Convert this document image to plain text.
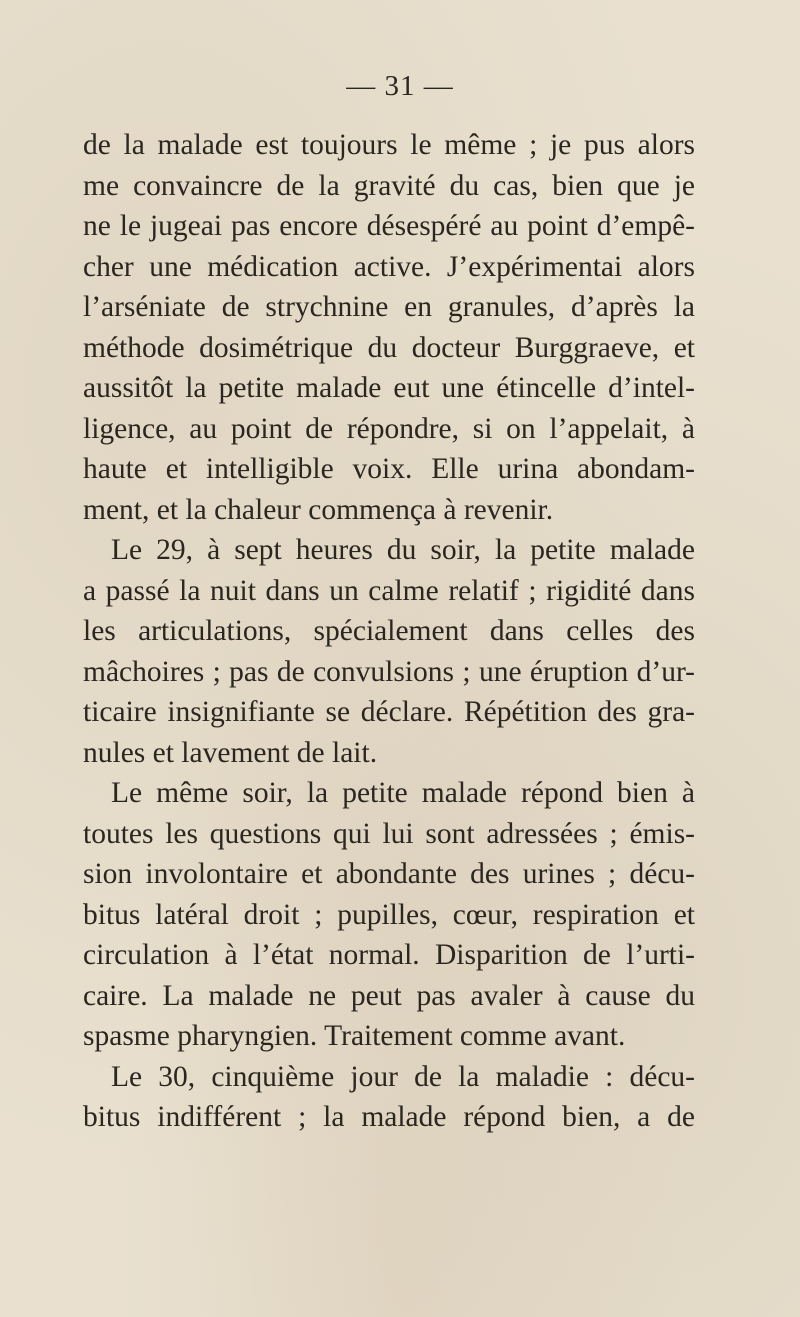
— 31 —
de la malade est toujours le même ; je pus alors
me convaincre de la gravité du cas, bien que je
ne le jugeai pas encore désespéré au point d’empê-
cher une médication active. J’expérimentai alors
l’arséniate de strychnine en granules, d’après la
méthode dosimétrique du docteur Burggraeve, et
aussitôt la petite malade eut une étincelle d’intel-
ligence, au point de répondre, si on l’appelait, à
haute et intelligible voix. Elle urina abondam-
ment, et la chaleur commença à revenir.
Le 29, à sept heures du soir, la petite malade
a passé la nuit dans un calme relatif ; rigidité dans
les articulations, spécialement dans celles des
mâchoires ; pas de convulsions ; une éruption d’ur-
ticaire insignifiante se déclare. Répétition des gra-
nules et lavement de lait.
Le même soir, la petite malade répond bien à
toutes les questions qui lui sont adressées ; émis-
sion involontaire et abondante des urines ; décu-
bitus latéral droit ; pupilles, cœur, respiration et
circulation à l’état normal. Disparition de l’urti-
caire. La malade ne peut pas avaler à cause du
spasme pharyngien. Traitement comme avant.
Le 30, cinquième jour de la maladie : décu-
bitus indifférent ; la malade répond bien, a de
